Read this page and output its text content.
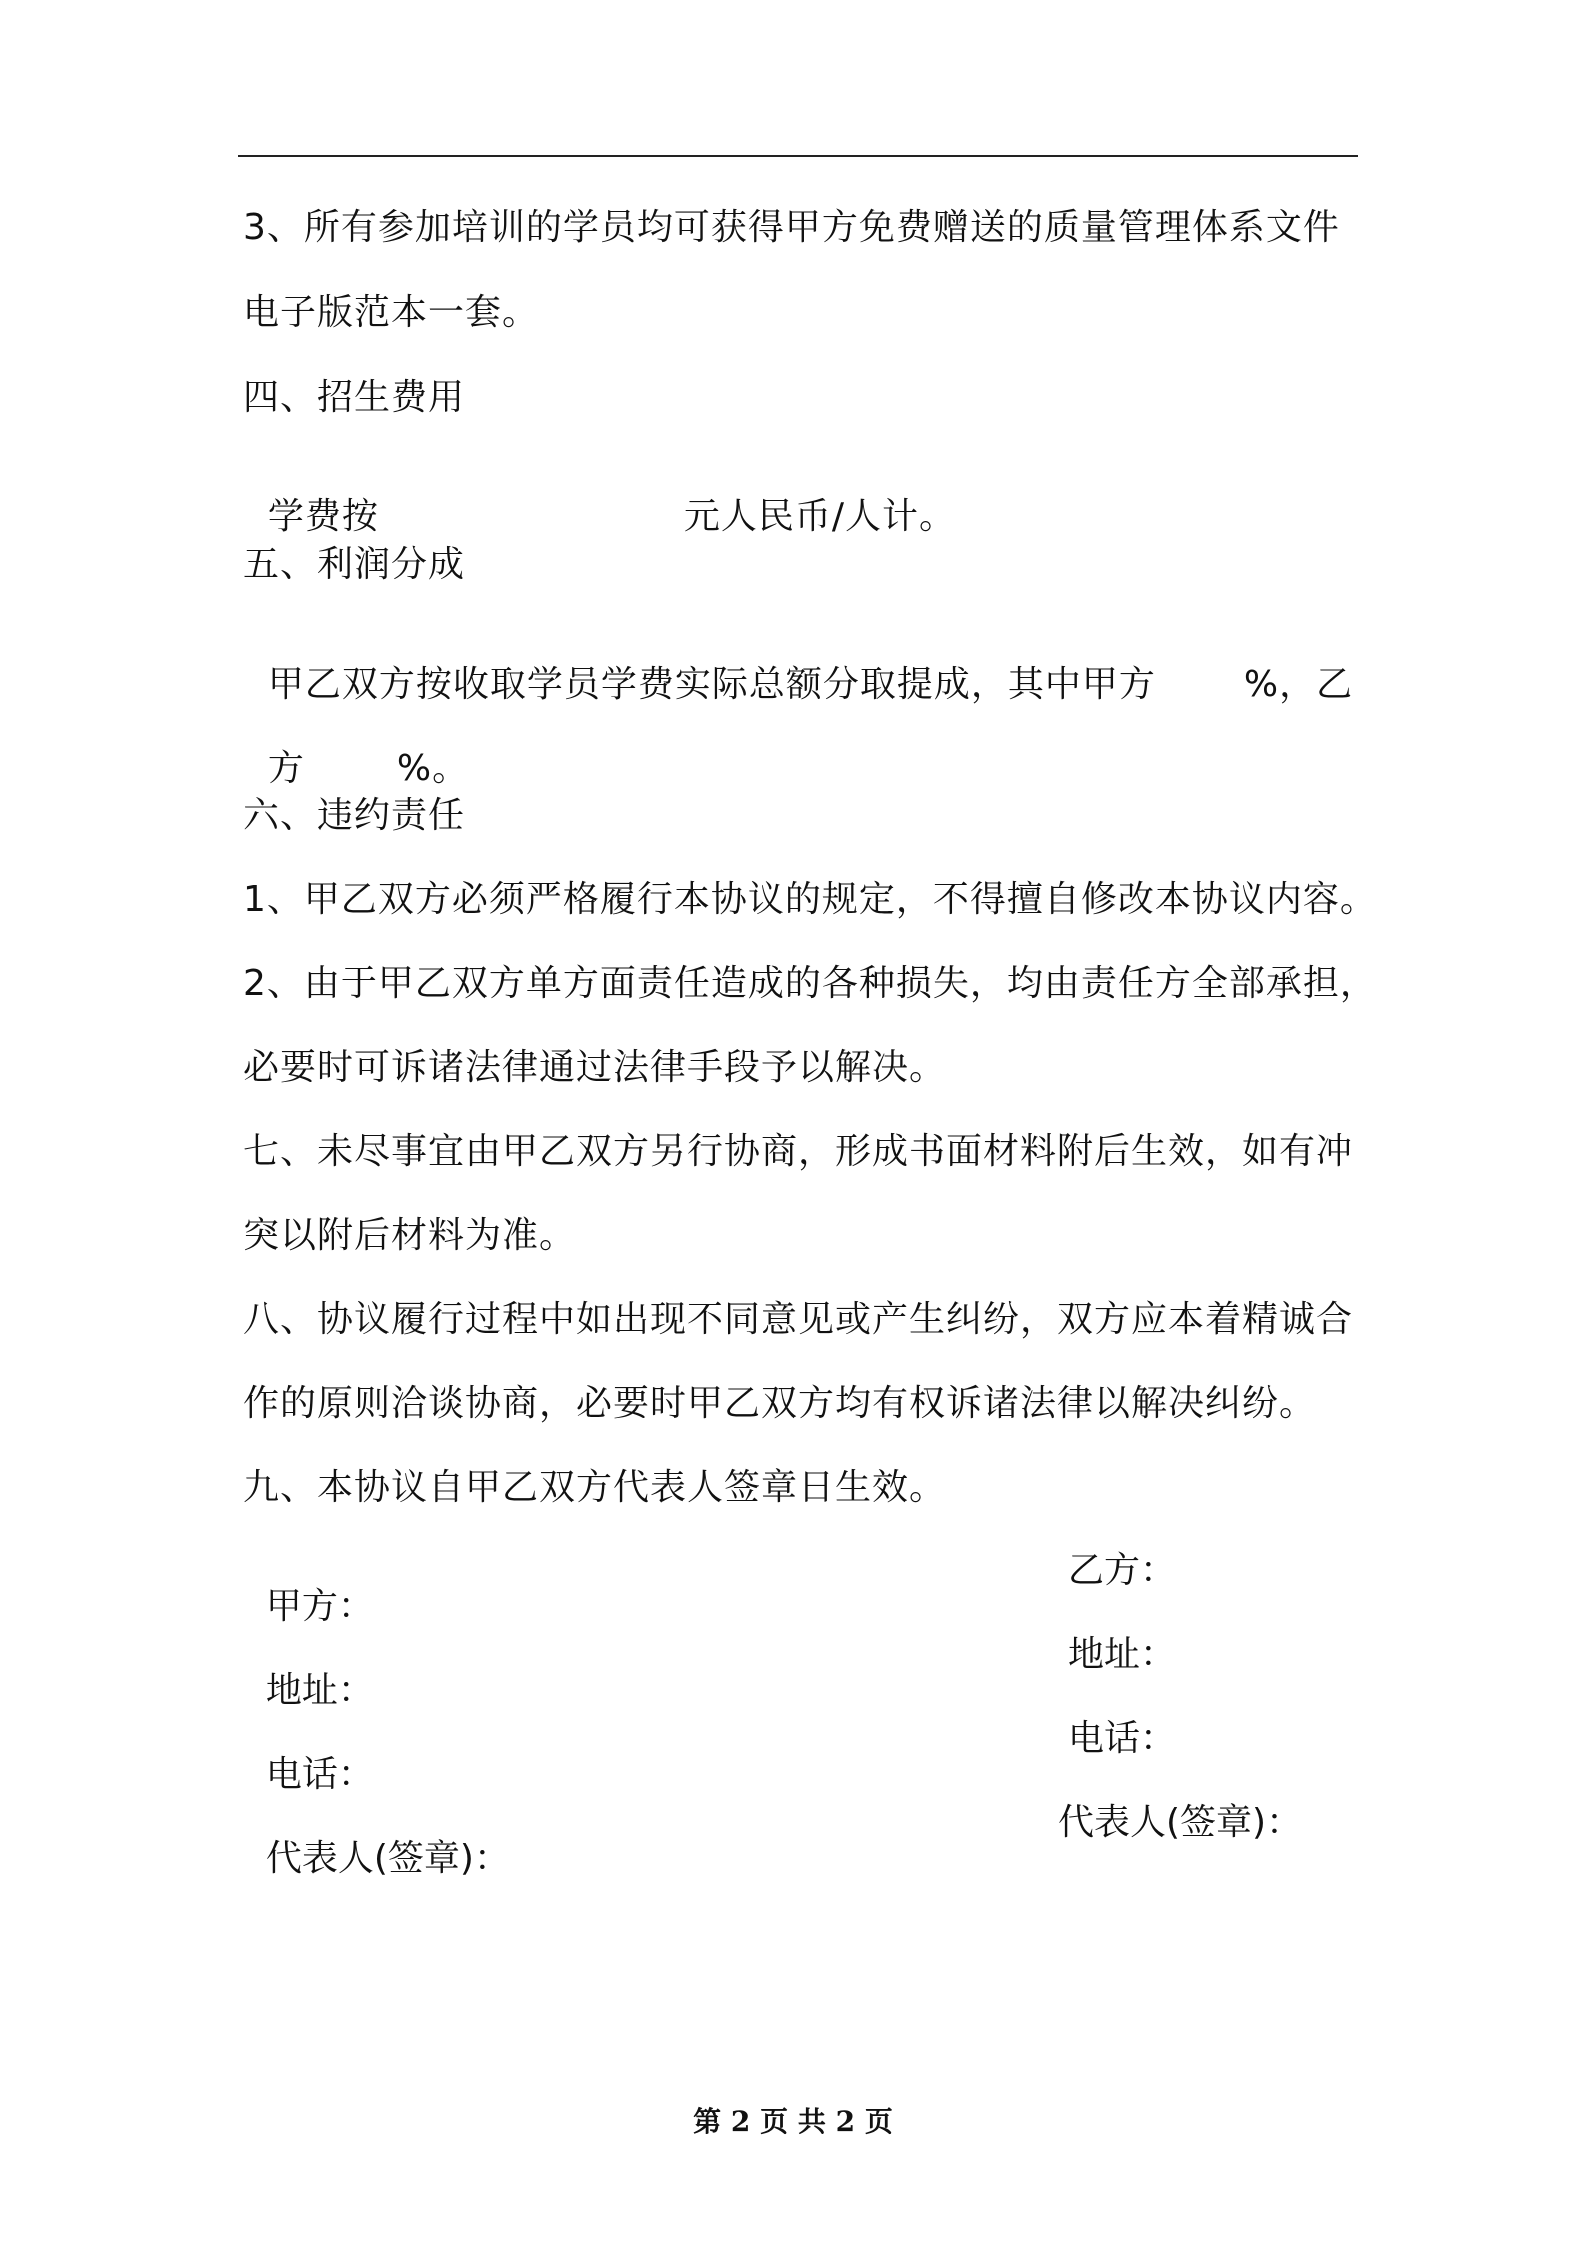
3、所有参加培训的学员均可获得甲方免费赠送的质量管理体系文件
电子版范本一套。
四、招生费用

学费按	元人民币/人计。

五、利润分成

甲乙双方按收取学员学费实际总额分取提成，其中甲方 %，乙

方	%。

六、违约责任
1、甲乙双方必须严格履行本协议的规定，不得擅自修改本协议内容。
2、由于甲乙双方单方面责任造成的各种损失，均由责任方全部承担，
必要时可诉诸法律通过法律手段予以解决。
七、未尽事宜由甲乙双方另行协商，形成书面材料附后生效，如有冲
突以附后材料为准。
八、协议履行过程中如出现不同意见或产生纠纷，双方应本着精诚合
作的原则洽谈协商，必要时甲乙双方均有权诉诸法律以解决纠纷。
九、本协议自甲乙双方代表人签章日生效。

甲方：

乙方：

地址：

地址：

电话：

电话：

代表人(签章)：

代表人(签章)：

第 2 页 共 2 页
